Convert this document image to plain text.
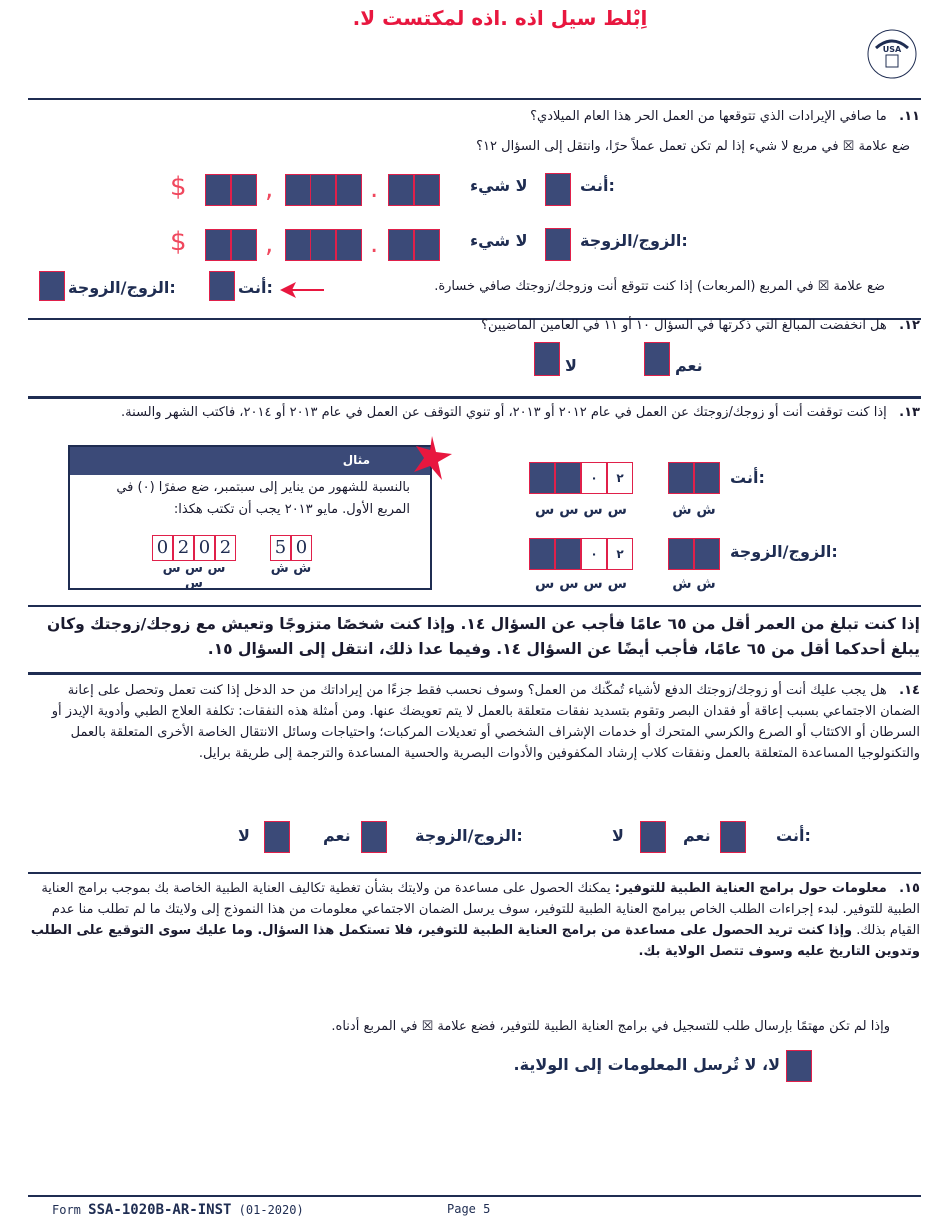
.اِبْلط سيل اذه .اذه لمكتست لا
USA
١١.   ما صافي الإيرادات الذي تتوقعها من العمل الحر هذا العام الميلادي؟
ضع علامة ☒ في مربع لا شيء إذا لم تكن تعمل عملاً حرًا، وانتقل إلى السؤال ١٢؟
أنت:
لا شيء
.
,
$
الزوج/الزوجة:
لا شيء
.
,
$
ضع علامة ☒ في المربع (المربعات) إذا كنت تتوقع أنت وزوجك/زوجتك صافي خسارة.
أنت:
الزوج/الزوجة:
١٢.   هل انخفضت المبالغ التي ذكرتها في السؤال ١٠ أو ١١ في العامين الماضيين؟
نعم
لا
١٣.   إذا كنت توقفت أنت أو زوجك/زوجتك عن العمل في عام ٢٠١٢ أو ٢٠١٣، أو تنوي التوقف عن العمل في عام ٢٠١٣ أو ٢٠١٤، فاكتب الشهر والسنة.
مثال
بالنسبة للشهور من يناير إلى سبتمبر، ضع صفرًا (٠) في المربع الأول. مايو ٢٠١٣ يجب أن تكتب هكذا:
0 2 0 2 5 0
س س س س
ش ش
أنت:
٠	٢
س س س س	ش ش
الزوج/الزوجة:
٠	٢
س س س س	ش ش
إذا كنت تبلغ من العمر أقل من ٦٥ عامًا فأجب عن السؤال ١٤. وإذا كنت شخصًا متزوجًا وتعيش مع زوجك/زوجتك وكان يبلغ أحدكما أقل من ٦٥ عامًا، فأجب أيضًا عن السؤال ١٤. وفيما عدا ذلك، انتقل إلى السؤال ١٥.
١٤.   هل يجب عليك أنت أو زوجك/زوجتك الدفع لأشياء تُمكّنك من العمل؟ وسوف نحسب فقط جزءًا من إيراداتك من حد الدخل إذا كنت تعمل وتحصل على إعانة الضمان الاجتماعي بسبب إعاقة أو فقدان البصر وتقوم بتسديد نفقات متعلقة بالعمل لا يتم تعويضك عنها. ومن أمثلة هذه النفقات: تكلفة العلاج الطبي وأدوية الإيدز أو السرطان أو الاكتئاب أو الصرع والكرسي المتحرك أو خدمات الإشراف الشخصي أو تعديلات المركبات؛ واحتياجات وسائل الانتقال الخاصة الأخرى المتعلقة بالعمل والتكنولوجيا المساعدة المتعلقة بالعمل ونفقات كلاب إرشاد المكفوفين والأدوات البصرية والحسية المساعدة والترجمة إلى طريقة برايل.
أنت:
نعم
لا
الزوج/الزوجة:
نعم
لا
١٥.   معلومات حول برامج العناية الطبية للتوفير: يمكنك الحصول على مساعدة من ولايتك بشأن تغطية تكاليف العناية الطبية الخاصة بك بموجب برامج العناية الطبية للتوفير. لبدء إجراءات الطلب الخاص ببرامج العناية الطبية للتوفير، سوف يرسل الضمان الاجتماعي معلومات من هذا النموذج إلى ولايتك ما لم تطلب منا عدم القيام بذلك. وإذا كنت تريد الحصول على مساعدة من برامج العناية الطبية للتوفير، فلا تستكمل هذا السؤال. وما عليك سوى التوقيع على الطلب وتدوين التاريخ عليه وسوف تتصل الولاية بك.
وإذا لم تكن مهتمًا بإرسال طلب للتسجيل في برامج العناية الطبية للتوفير، فضع علامة ☒ في المربع أدناه.
لا، لا تُرسل المعلومات إلى الولاية.
Form SSA-1020B-AR-INST (01-2020)	Page 5
